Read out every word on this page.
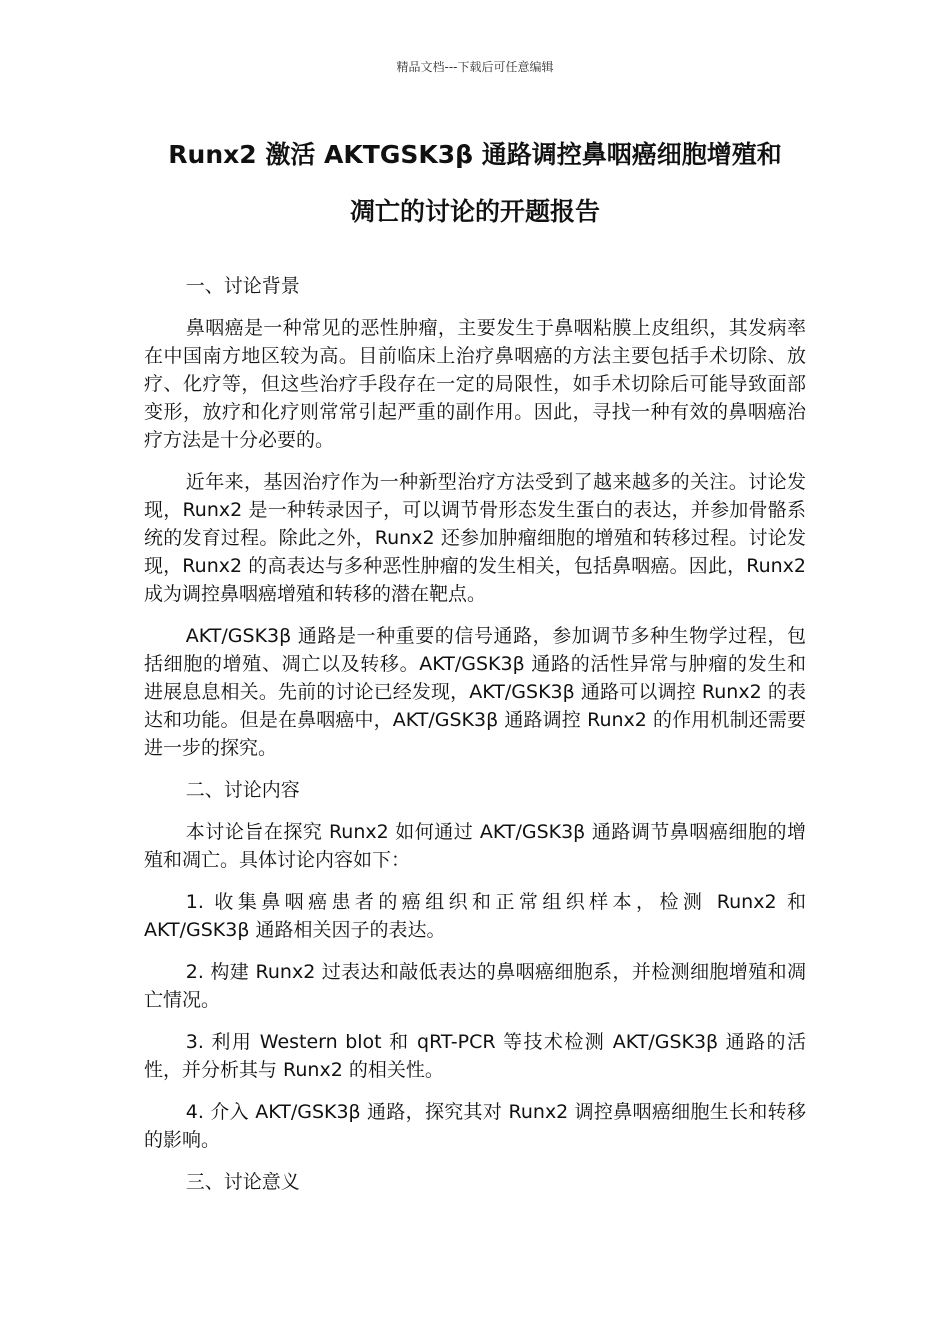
精品文档---下载后可任意编辑
Runx2 激活 AKTGSK3β 通路调控鼻咽癌细胞增殖和
凋亡的讨论的开题报告

一、讨论背景

鼻咽癌是一种常见的恶性肿瘤，主要发生于鼻咽粘膜上皮组织，其发病率在中国南方地区较为高。目前临床上治疗鼻咽癌的方法主要包括手术切除、放疗、化疗等，但这些治疗手段存在一定的局限性，如手术切除后可能导致面部变形，放疗和化疗则常常引起严重的副作用。因此，寻找一种有效的鼻咽癌治疗方法是十分必要的。

近年来，基因治疗作为一种新型治疗方法受到了越来越多的关注。讨论发现，Runx2 是一种转录因子，可以调节骨形态发生蛋白的表达，并参加骨骼系统的发育过程。除此之外，Runx2 还参加肿瘤细胞的增殖和转移过程。讨论发现，Runx2 的高表达与多种恶性肿瘤的发生相关，包括鼻咽癌。因此，Runx2 成为调控鼻咽癌增殖和转移的潜在靶点。

AKT/GSK3β 通路是一种重要的信号通路，参加调节多种生物学过程，包括细胞的增殖、凋亡以及转移。AKT/GSK3β 通路的活性异常与肿瘤的发生和进展息息相关。先前的讨论已经发现，AKT/GSK3β 通路可以调控 Runx2 的表达和功能。但是在鼻咽癌中，AKT/GSK3β 通路调控 Runx2 的作用机制还需要进一步的探究。

二、讨论内容

本讨论旨在探究 Runx2 如何通过 AKT/GSK3β 通路调节鼻咽癌细胞的增殖和凋亡。具体讨论内容如下：

1. 收集鼻咽癌患者的癌组织和正常组织样本，检测 Runx2 和 AKT/GSK3β 通路相关因子的表达。

2. 构建 Runx2 过表达和敲低表达的鼻咽癌细胞系，并检测细胞增殖和凋亡情况。

3. 利用 Western blot 和 qRT-PCR 等技术检测 AKT/GSK3β 通路的活性，并分析其与 Runx2 的相关性。

4. 介入 AKT/GSK3β 通路，探究其对 Runx2 调控鼻咽癌细胞生长和转移的影响。

三、讨论意义
